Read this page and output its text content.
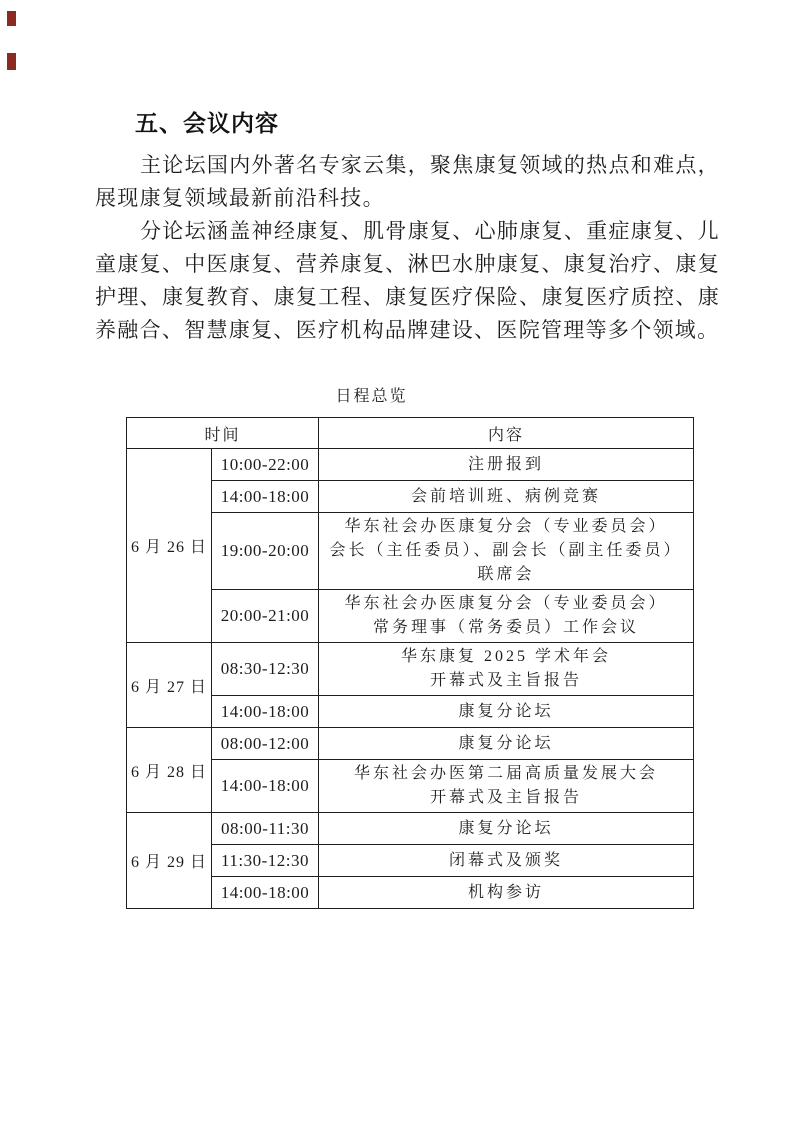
五、会议内容

主论坛国内外著名专家云集，聚焦康复领域的热点和难点，展现康复领域最新前沿科技。

分论坛涵盖神经康复、肌骨康复、心肺康复、重症康复、儿童康复、中医康复、营养康复、淋巴水肿康复、康复治疗、康复护理、康复教育、康复工程、康复医疗保险、康复医疗质控、康养融合、智慧康复、医疗机构品牌建设、医院管理等多个领域。

日程总览
时间		内容
6 月 26 日	10:00-22:00	注册报到

	14:00-18:00	会前培训班、病例竞赛

	19:00-20:00	华东社会办医康复分会（专业委员会）
会长（主任委员）、副会长（副主任委员）联席会

	20:00-21:00	华东社会办医康复分会（专业委员会）
常务理事（常务委员）工作会议

6 月 27 日	08:30-12:30	华东康复 2025 学术年会
开幕式及主旨报告

	14:00-18:00	康复分论坛

6 月 28 日	08:00-12:00	康复分论坛

	14:00-18:00	华东社会办医第二届高质量发展大会
开幕式及主旨报告

6 月 29 日	08:00-11:30	康复分论坛

	11:30-12:30	闭幕式及颁奖

	14:00-18:00	机构参访
